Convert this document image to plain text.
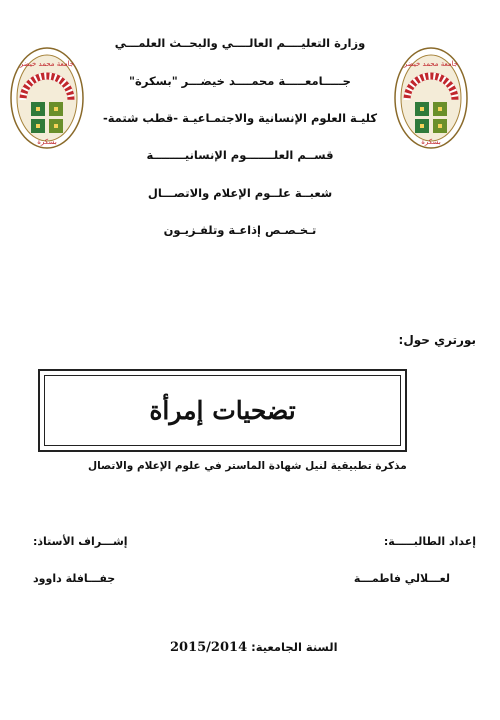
جامعة محمد خيضر
بسكرة
جامعة محمد خيضر
بسكرة
وزارة التعليــــم العالــــي والبحــث العلمـــي
جـــــامعـــــة محمــــد خيضـــر "بسكرة"
كليـة العلوم الإنسانية والاجتمـاعيـة -قطب شتمة-
قســم العلـــــــوم الإنسانيــــــــة
شعبــة علــوم الإعلام والاتصـــال
تـخـصـص إذاعـة وتلفـزيـون
بورتري حول:
تضحيات إمرأة
مذكرة تطبيقية لنيل شهادة الماستر في علوم الإعلام والاتصال
إعداد الطالبـــــة:
إشـــراف الأستاذ:
لعـــلالي فاطمـــة
جفـــافلة داوود
السنة الجامعية: 2015/2014
